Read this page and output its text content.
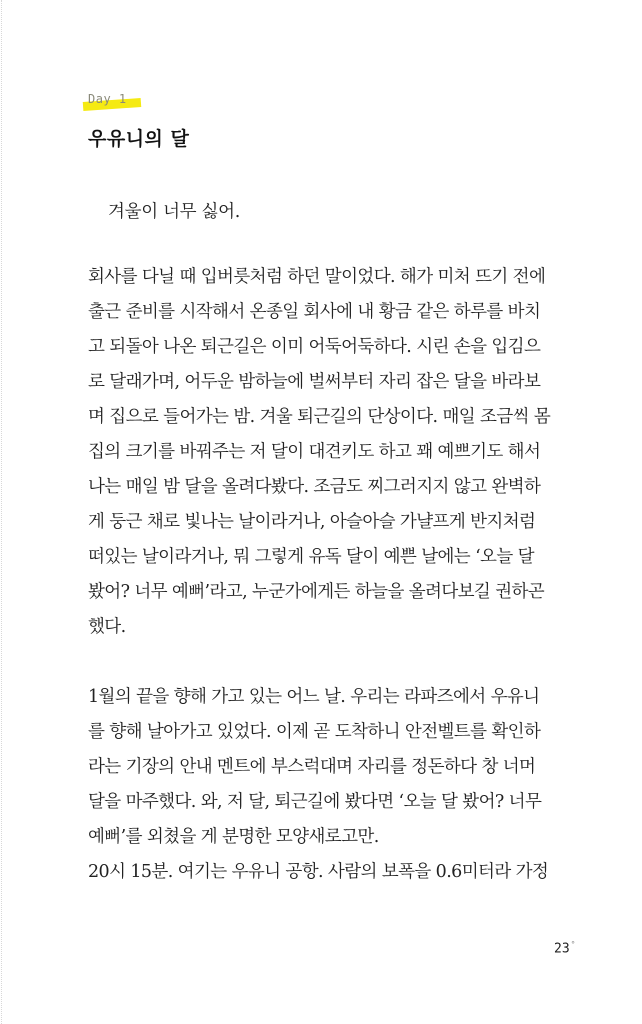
Day 1
우유니의 달

겨울이 너무 싫어.

회사를 다닐 때 입버릇처럼 하던 말이었다. 해가 미처 뜨기 전에
출근 준비를 시작해서 온종일 회사에 내 황금 같은 하루를 바치
고 되돌아 나온 퇴근길은 이미 어둑어둑하다. 시린 손을 입김으
로 달래가며, 어두운 밤하늘에 벌써부터 자리 잡은 달을 바라보
며 집으로 들어가는 밤. 겨울 퇴근길의 단상이다. 매일 조금씩 몸
집의 크기를 바꿔주는 저 달이 대견키도 하고 꽤 예쁘기도 해서
나는 매일 밤 달을 올려다봤다. 조금도 찌그러지지 않고 완벽하
게 둥근 채로 빛나는 날이라거나, 아슬아슬 가냘프게 반지처럼
떠있는 날이라거나, 뭐 그렇게 유독 달이 예쁜 날에는 ‘오늘 달
봤어? 너무 예뻐’라고, 누군가에게든 하늘을 올려다보길 권하곤
했다.

1월의 끝을 향해 가고 있는 어느 날. 우리는 라파즈에서 우유니
를 향해 날아가고 있었다. 이제 곧 도착하니 안전벨트를 확인하
라는 기장의 안내 멘트에 부스럭대며 자리를 정돈하다 창 너머
달을 마주했다. 와, 저 달, 퇴근길에 봤다면 ‘오늘 달 봤어? 너무
예뻐’를 외쳤을 게 분명한 모양새로고만.
20시 15분. 여기는 우유니 공항. 사람의 보폭을 0.6미터라 가정

23°
